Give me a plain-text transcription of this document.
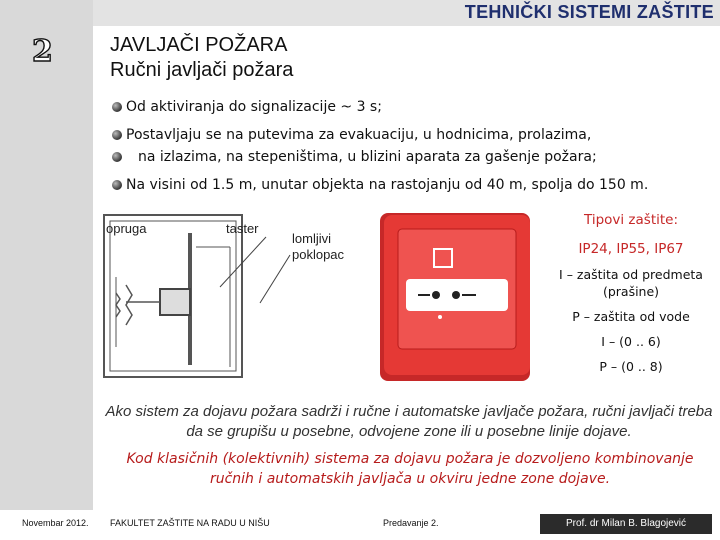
TEHNIČKI SISTEMI ZAŠTITE
2	JAVLJAČI POŽARA
Ručni javljači požara
Od aktiviranja do signalizacije ~ 3 s;
Postavljaju se na putevima za evakuaciju, u hodnicima, prolazima,
na izlazima, na stepeništima, u blizini aparata za gašenje požara;
Na visini od 1.5 m, unutar objekta na rastojanju od 40 m, spolja do 150 m.
opruga	taster
lomljivi
poklopac
Tipovi zaštite:
IP24, IP55, IP67
I – zaštita od predmeta (prašine)
P – zaštita od vode
I – (0 .. 6)
P – (0 .. 8)
Ako sistem za dojavu požara sadrži i ručne i automatske javljače požara, ručni javljači treba da se grupišu u posebne, odvojene zone ili u posebne linije dojave.
Kod klasičnih (kolektivnih) sistema za dojavu požara je dozvoljeno kombinovanje ručnih i automatskih javljača u okviru jedne zone dojave.
Novembar 2012. FAKULTET ZAŠTITE NA RADU U NIŠU	Predavanje 2.	Prof. dr Milan B. Blagojević
